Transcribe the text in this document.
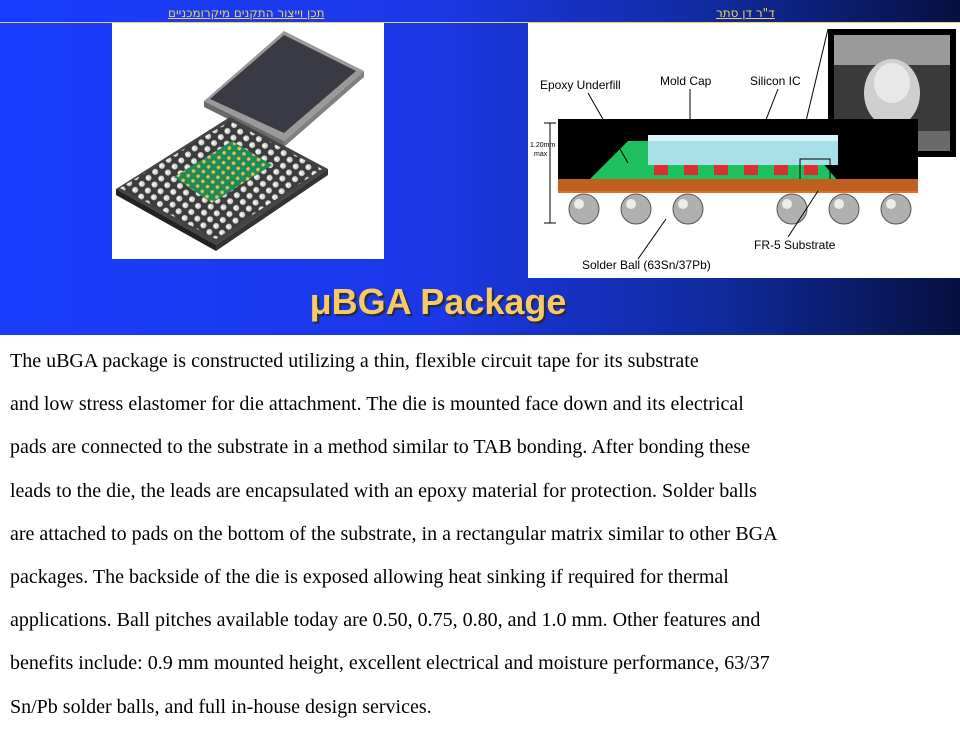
תכן וייצור התקנים מיקרומכניים	ד"ר דן סתר
1.20mm
max
Epoxy Underfill	Mold Cap	Silicon IC
Solder Ball (63Sn/37Pb)
FR-5 Substrate
μBGA Package
The uBGA package is constructed utilizing a thin, flexible circuit tape for its substrate
and low stress elastomer for die attachment. The die is mounted face down and its electrical
pads are connected to the substrate in a method similar to TAB bonding. After bonding these
leads to the die, the leads are encapsulated with an epoxy material for protection. Solder balls
are attached to pads on the bottom of the substrate, in a rectangular matrix similar to other BGA
packages. The backside of the die is exposed allowing heat sinking if required for thermal
applications. Ball pitches available today are 0.50, 0.75, 0.80, and 1.0 mm. Other features and
benefits include: 0.9 mm mounted height, excellent electrical and moisture performance, 63/37
Sn/Pb solder balls, and full in-house design services.
